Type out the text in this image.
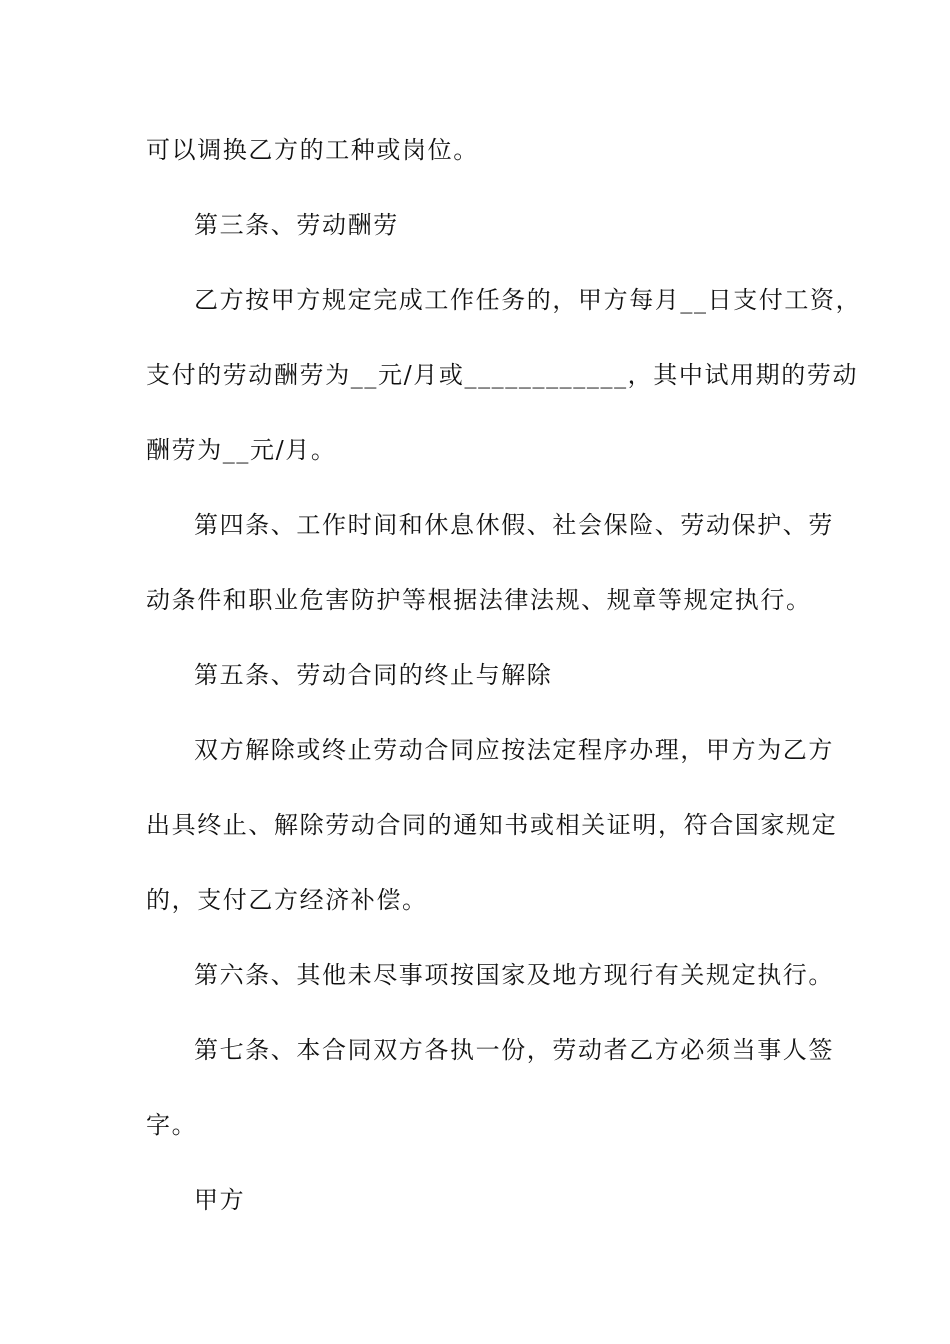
可以调换乙方的工种或岗位。

第三条、劳动酬劳

乙方按甲方规定完成工作任务的，甲方每月__日支付工资，

支付的劳动酬劳为__元/月或____________，其中试用期的劳动

酬劳为__元/月。

第四条、工作时间和休息休假、社会保险、劳动保护、劳

动条件和职业危害防护等根据法律法规、规章等规定执行。

第五条、劳动合同的终止与解除

双方解除或终止劳动合同应按法定程序办理，甲方为乙方

出具终止、解除劳动合同的通知书或相关证明，符合国家规定

的，支付乙方经济补偿。

第六条、其他未尽事项按国家及地方现行有关规定执行。

第七条、本合同双方各执一份，劳动者乙方必须当事人签

字。

甲方
